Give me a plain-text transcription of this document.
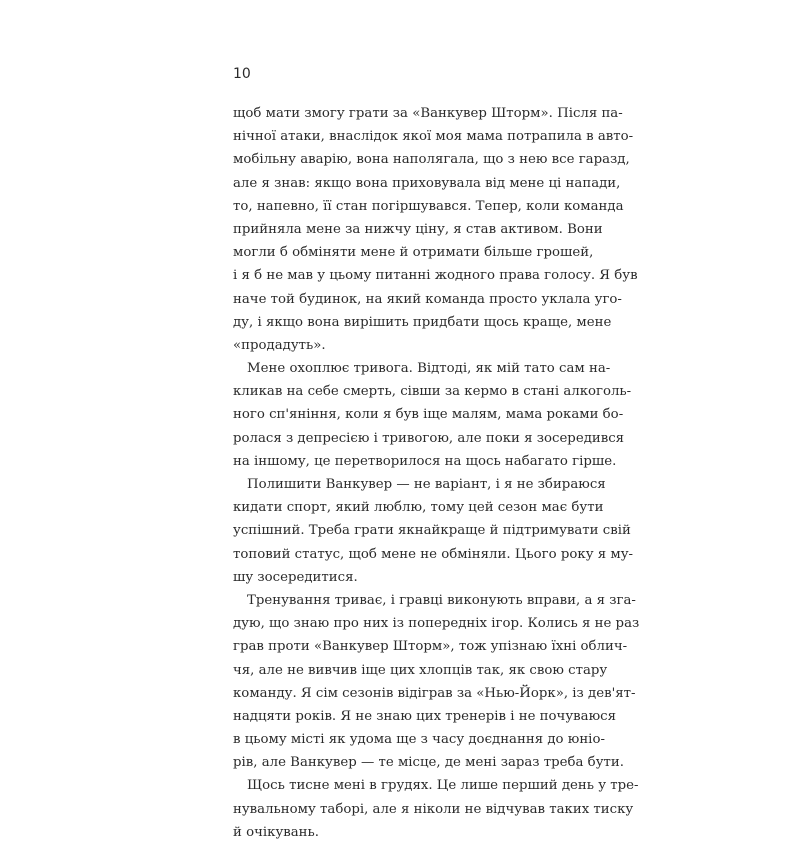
10
щоб мати змогу грати за «Ванкувер Шторм». Після па-
нічної атаки, внаслідок якої моя мама потрапила в авто-
мобільну аварію, вона наполягала, що з нею все гаразд,
але я знав: якщо вона приховувала від мене ці напади,
то, напевно, її стан погіршувався. Тепер, коли команда
прийняла мене за нижчу ціну, я став активом. Вони
могли б обміняти мене й отримати більше грошей,
і я б не мав у цьому питанні жодного права голосу. Я був
наче той будинок, на який команда просто уклала уго-
ду, і якщо вона вирішить придбати щось краще, мене
«продадуть».
Мене охоплює тривога. Відтоді, як мій тато сам на-
кликав на себе смерть, сівши за кермо в стані алкоголь-
ного сп'яніння, коли я був іще малям, мама роками бо-
ролася з депресією і тривогою, але поки я зосередився
на іншому, це перетворилося на щось набагато гірше.
Полишити Ванкувер — не варіант, і я не збираюся
кидати спорт, який люблю, тому цей сезон має бути
успішний. Треба грати якнайкраще й підтримувати свій
топовий статус, щоб мене не обміняли. Цього року я му-
шу зосередитися.
Тренування триває, і гравці виконують вправи, а я зга-
дую, що знаю про них із попередніх ігор. Колись я не раз
грав проти «Ванкувер Шторм», тож упізнаю їхні облич-
чя, але не вивчив іще цих хлопців так, як свою стару
команду. Я сім сезонів відіграв за «Нью-Йорк», із дев'ят-
надцяти років. Я не знаю цих тренерів і не почуваюся
в цьому місті як удома ще з часу доєднання до юніо-
рів, але Ванкувер — те місце, де мені зараз треба бути.
Щось тисне мені в грудях. Це лише перший день у тре-
нувальному таборі, але я ніколи не відчував таких тиску
й очікувань.
